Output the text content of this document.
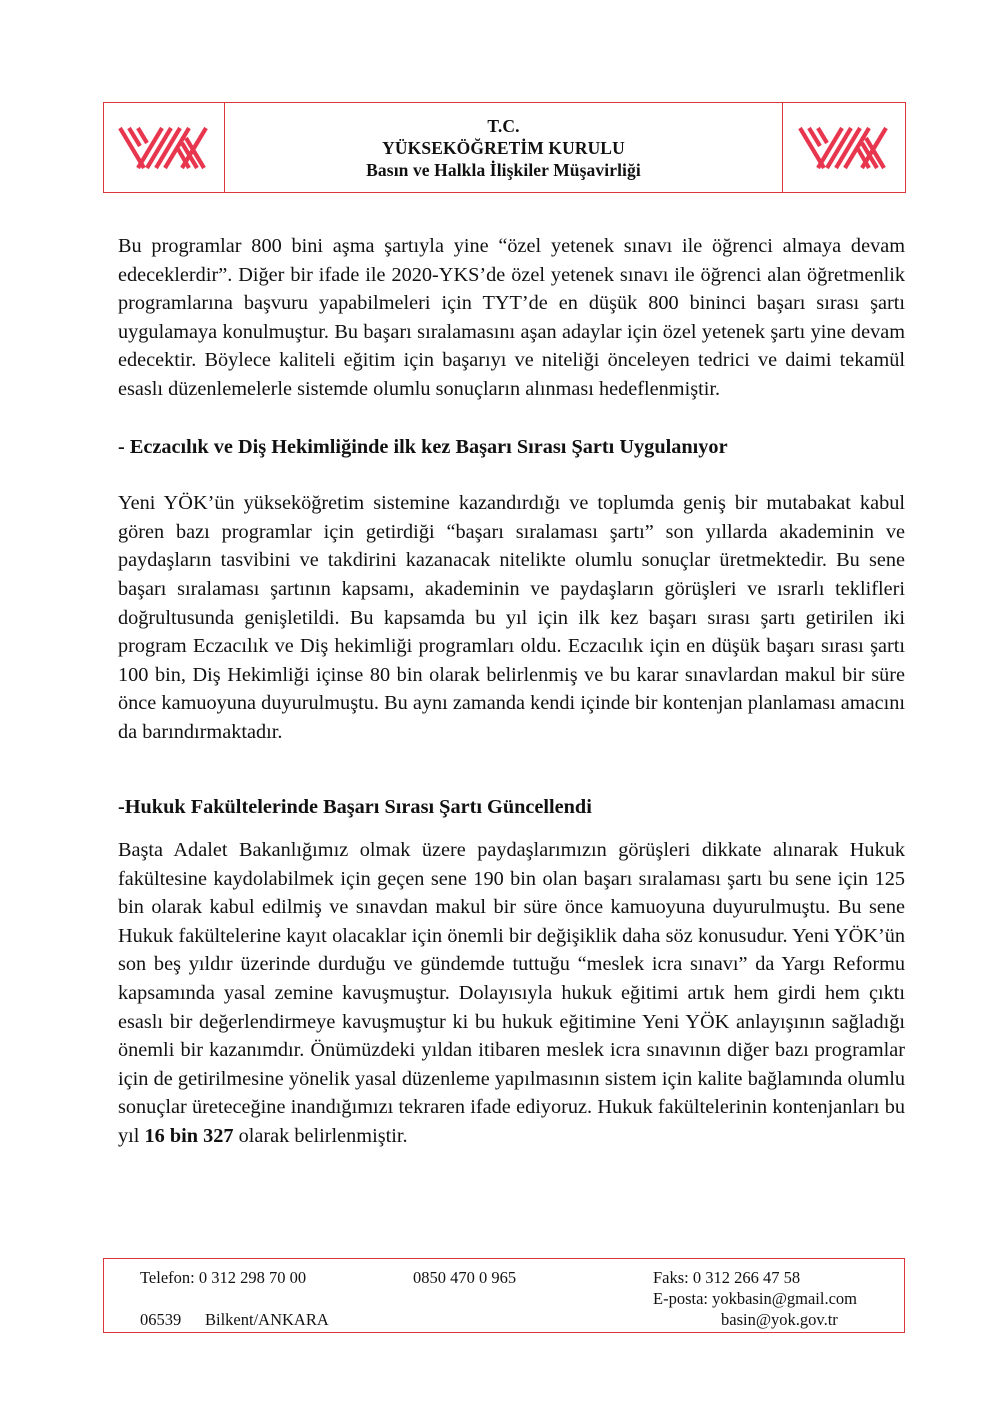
T.C.
YÜKSEKÖĞRETİM KURULU
Basın ve Halkla İlişkiler Müşavirliği

Bu programlar 800 bini aşma şartıyla yine “özel yetenek sınavı ile öğrenci almaya devam edeceklerdir”. Diğer bir ifade ile 2020-YKS’de özel yetenek sınavı ile öğrenci alan öğretmenlik programlarına başvuru yapabilmeleri için TYT’de en düşük 800 bininci başarı sırası şartı uygulamaya konulmuştur. Bu başarı sıralamasını aşan adaylar için özel yetenek şartı yine devam edecektir. Böylece kaliteli eğitim için başarıyı ve niteliği önceleyen tedrici ve daimi tekamül esaslı düzenlemelerle sistemde olumlu sonuçların alınması hedeflenmiştir.

- Eczacılık ve Diş Hekimliğinde ilk kez Başarı Sırası Şartı Uygulanıyor

Yeni YÖK’ün yükseköğretim sistemine kazandırdığı ve toplumda geniş bir mutabakat kabul gören bazı programlar için getirdiği “başarı sıralaması şartı” son yıllarda akademinin ve paydaşların tasvibini ve takdirini kazanacak nitelikte olumlu sonuçlar üretmektedir. Bu sene başarı sıralaması şartının kapsamı, akademinin ve paydaşların görüşleri ve ısrarlı teklifleri doğrultusunda genişletildi. Bu kapsamda bu yıl için ilk kez başarı sırası şartı getirilen iki program Eczacılık ve Diş hekimliği programları oldu. Eczacılık için en düşük başarı sırası şartı 100 bin, Diş Hekimliği içinse 80 bin olarak belirlenmiş ve bu karar sınavlardan makul bir süre önce kamuoyuna duyurulmuştu. Bu aynı zamanda kendi içinde bir kontenjan planlaması amacını da barındırmaktadır.

-Hukuk Fakültelerinde Başarı Sırası Şartı Güncellendi

Başta Adalet Bakanlığımız olmak üzere paydaşlarımızın görüşleri dikkate alınarak Hukuk fakültesine kaydolabilmek için geçen sene 190 bin olan başarı sıralaması şartı bu sene için 125 bin olarak kabul edilmiş ve sınavdan makul bir süre önce kamuoyuna duyurulmuştu. Bu sene Hukuk fakültelerine kayıt olacaklar için önemli bir değişiklik daha söz konusudur. Yeni YÖK’ün son beş yıldır üzerinde durduğu ve gündemde tuttuğu “meslek icra sınavı” da Yargı Reformu kapsamında yasal zemine kavuşmuştur. Dolayısıyla hukuk eğitimi artık hem girdi hem çıktı esaslı bir değerlendirmeye kavuşmuştur ki bu hukuk eğitimine Yeni YÖK anlayışının sağladığı önemli bir kazanımdır. Önümüzdeki yıldan itibaren meslek icra sınavının diğer bazı programlar için de getirilmesine yönelik yasal düzenleme yapılmasının sistem için kalite bağlamında olumlu sonuçlar üreteceğine inandığımızı tekraren ifade ediyoruz. Hukuk fakültelerinin kontenjanları bu yıl 16 bin 327 olarak belirlenmiştir.

Telefon: 0 312 298 70 00	0850 470 0 965	Faks: 0 312 266 47 58
E-posta: yokbasin@gmail.com
06539 Bilkent/ANKARA	basin@yok.gov.tr
